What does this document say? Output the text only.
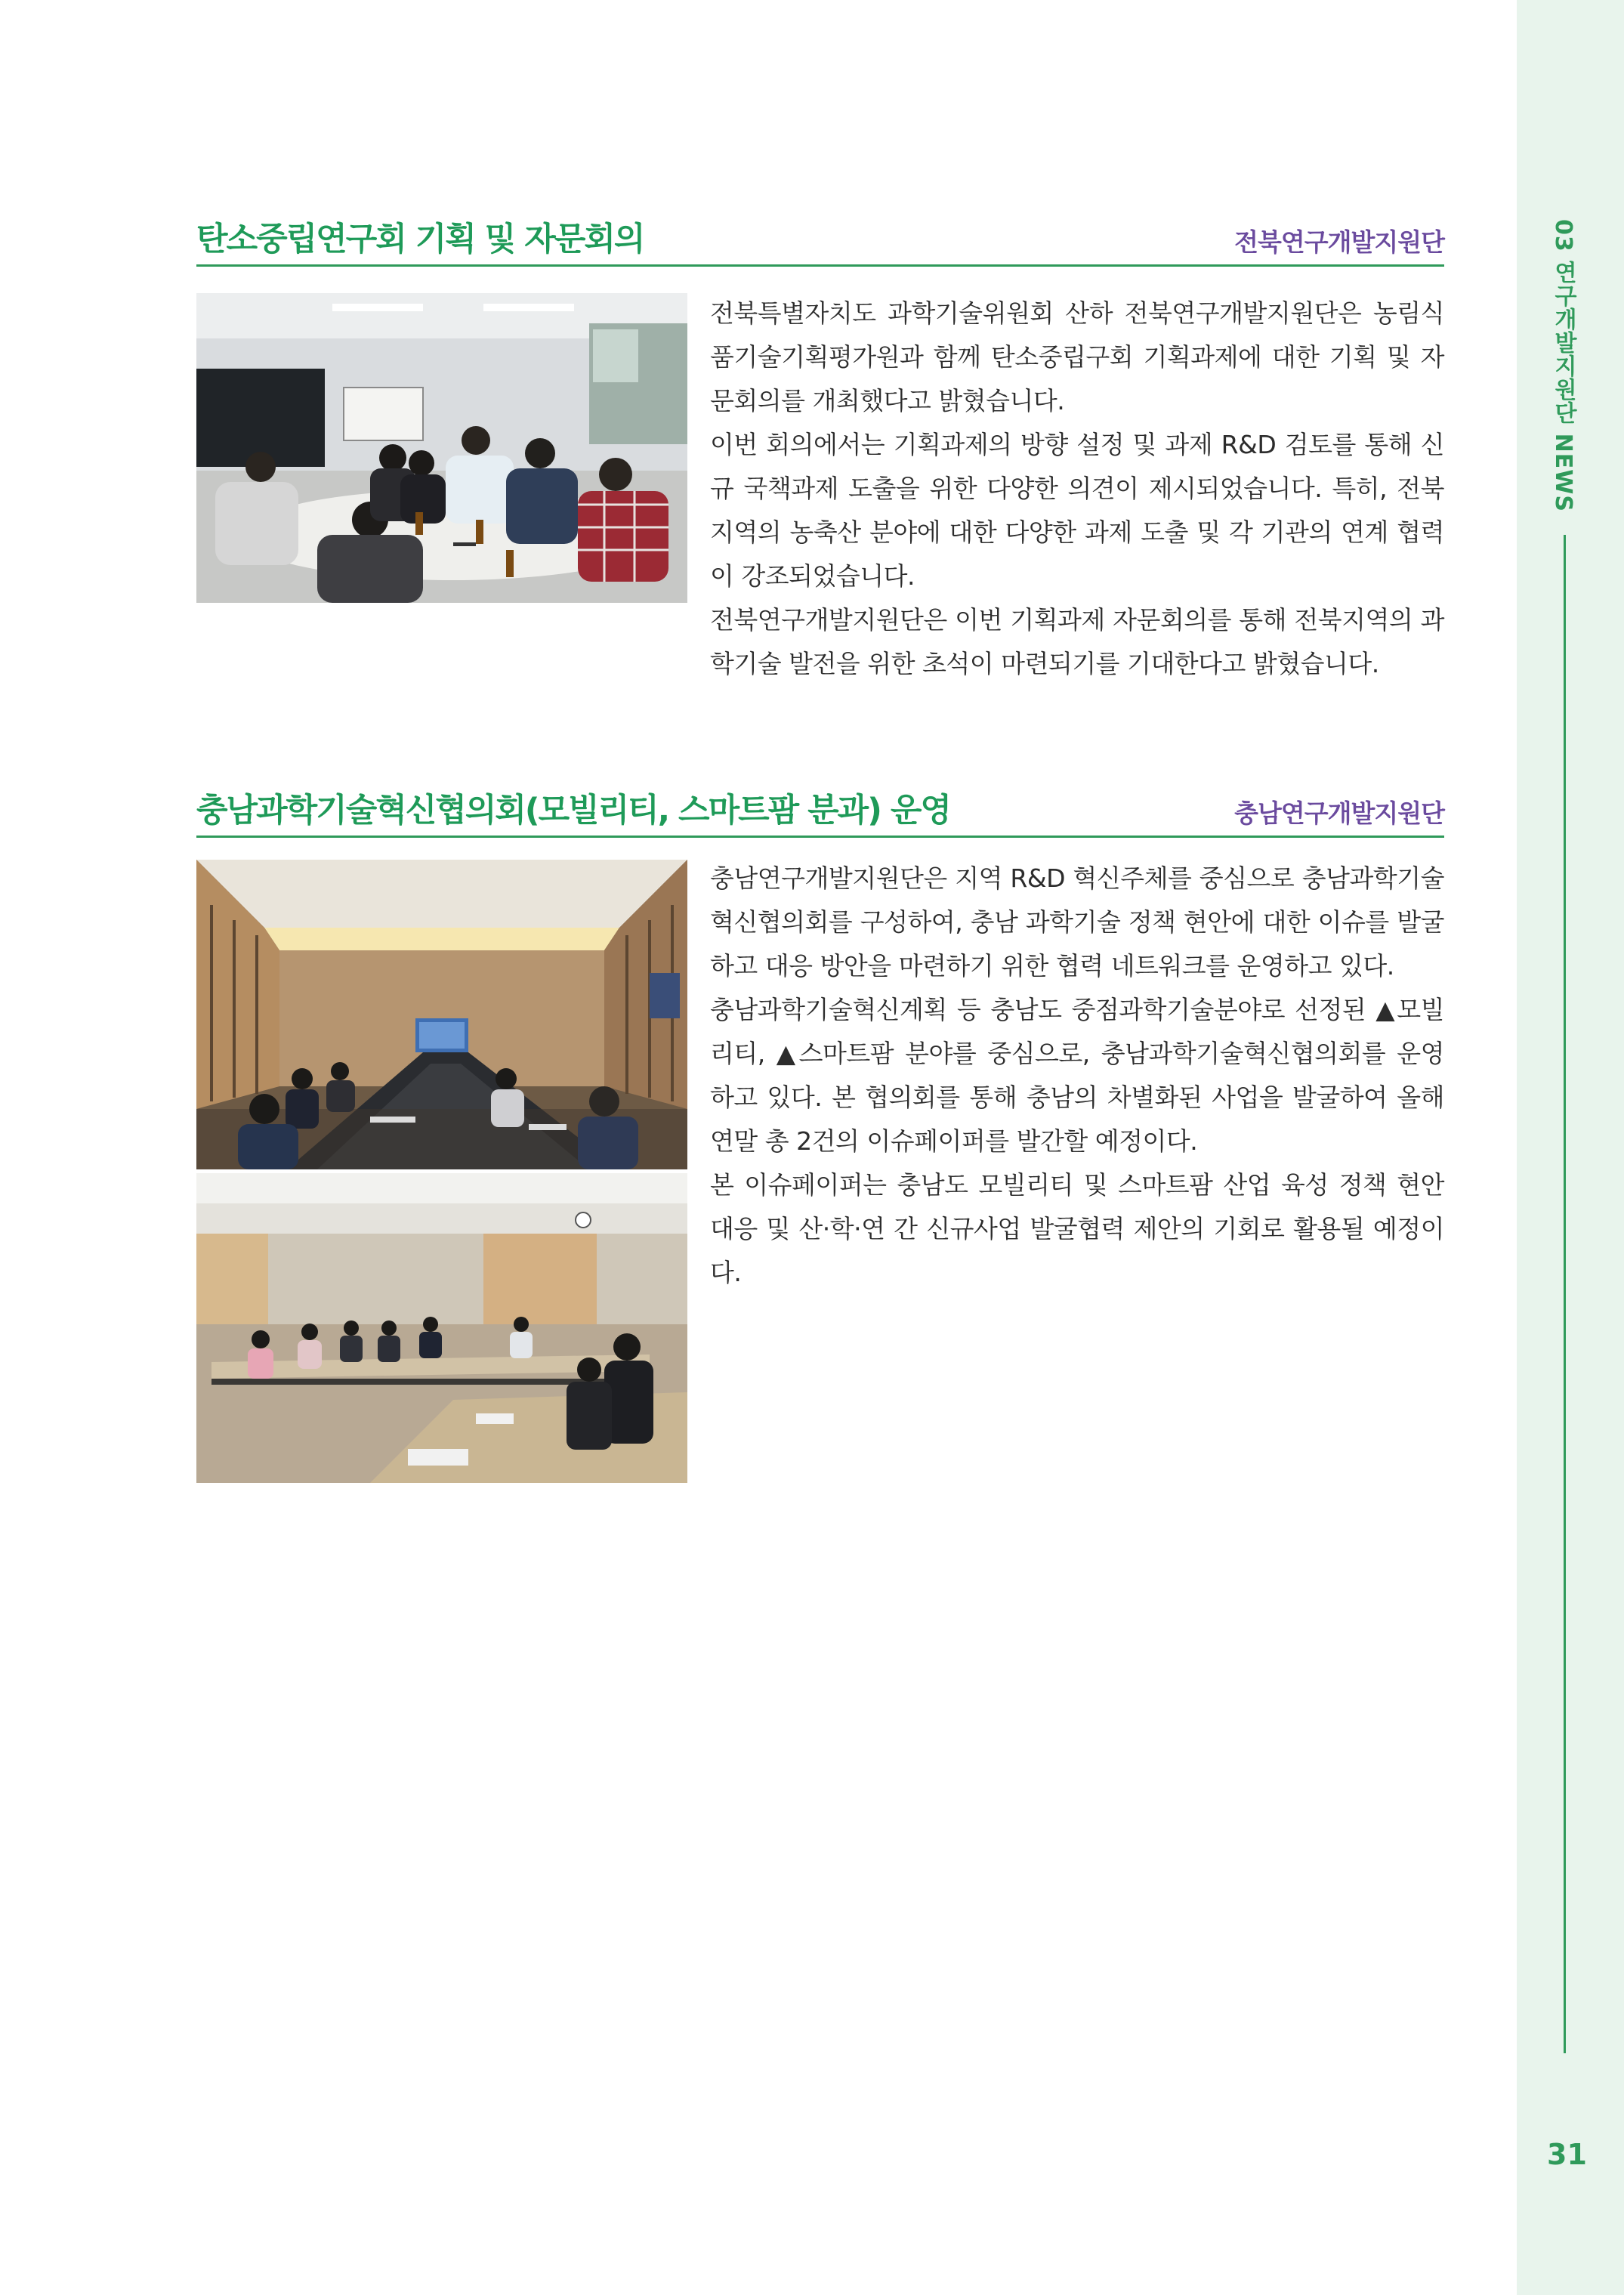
03 연구개발지원단 NEWS
31
탄소중립연구회 기획 및 자문회의	전북연구개발지원단

전북특별자치도 과학기술위원회 산하 전북연구개발지원단은 농림식품기술기획평가원과 함께 탄소중립구회 기획과제에 대한 기획 및 자문회의를 개최했다고 밝혔습니다.

이번 회의에서는 기획과제의 방향 설정 및 과제 R&D 검토를 통해 신규 국책과제 도출을 위한 다양한 의견이 제시되었습니다. 특히, 전북지역의 농축산 분야에 대한 다양한 과제 도출 및 각 기관의 연계 협력이 강조되었습니다.

전북연구개발지원단은 이번 기획과제 자문회의를 통해 전북지역의 과학기술 발전을 위한 초석이 마련되기를 기대한다고 밝혔습니다.

충남과학기술혁신협의회(모빌리티, 스마트팜 분과) 운영	충남연구개발지원단

충남연구개발지원단은 지역 R&D 혁신주체를 중심으로 충남과학기술혁신협의회를 구성하여, 충남 과학기술 정책 현안에 대한 이슈를 발굴하고 대응 방안을 마련하기 위한 협력 네트워크를 운영하고 있다.

충남과학기술혁신계획 등 충남도 중점과학기술분야로 선정된 ▲모빌리티, ▲스마트팜 분야를 중심으로, 충남과학기술혁신협의회를 운영하고 있다. 본 협의회를 통해 충남의 차별화된 사업을 발굴하여 올해 연말 총 2건의 이슈페이퍼를 발간할 예정이다.

본 이슈페이퍼는 충남도 모빌리티 및 스마트팜 산업 육성 정책 현안 대응 및 산·학·연 간 신규사업 발굴협력 제안의 기회로 활용될 예정이다.
